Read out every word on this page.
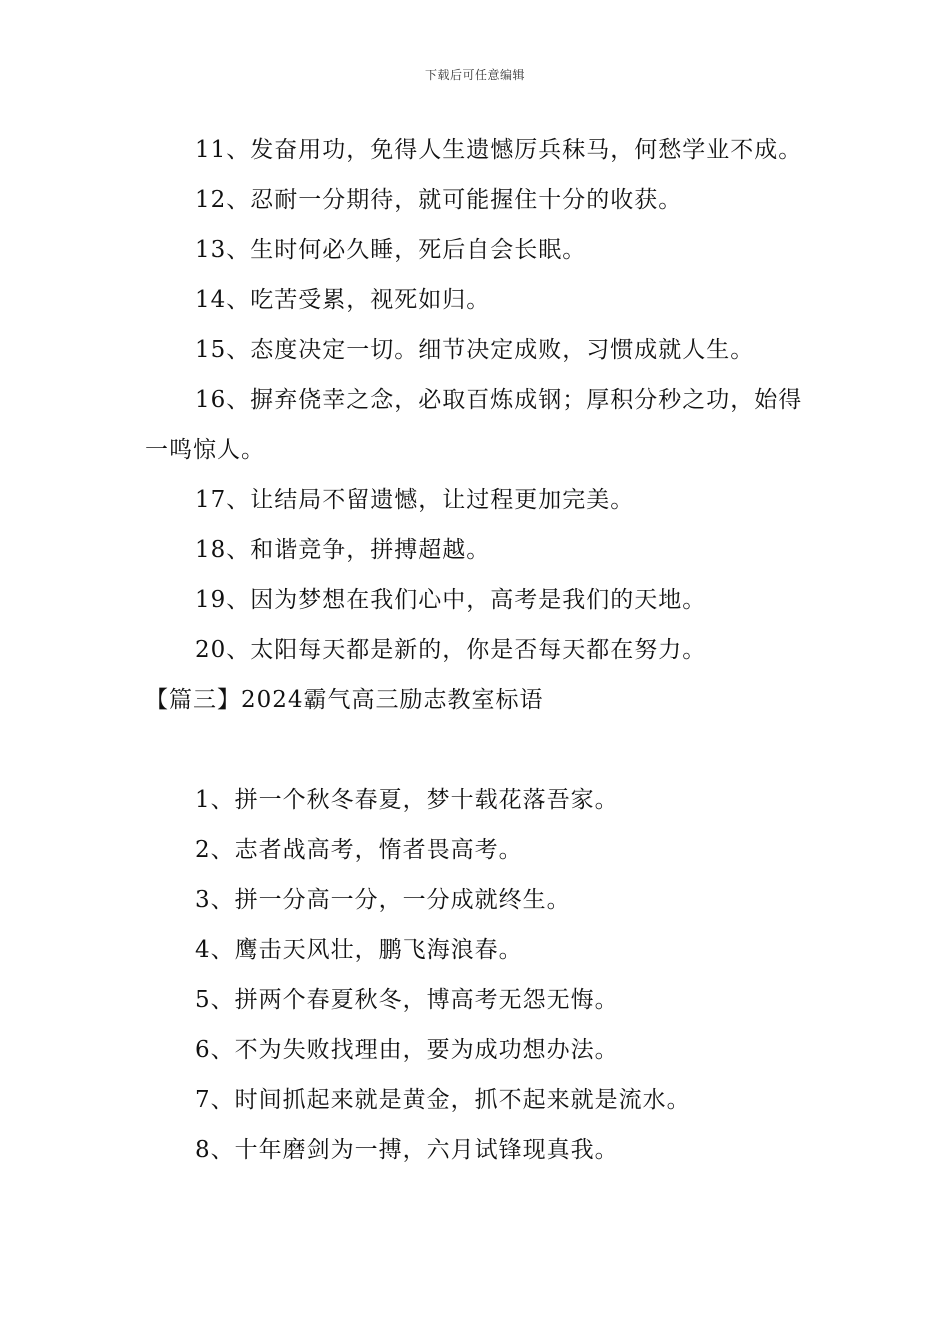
下载后可任意编辑

11、发奋用功，免得人生遗憾厉兵秣马，何愁学业不成。

12、忍耐一分期待，就可能握住十分的收获。

13、生时何必久睡，死后自会长眠。

14、吃苦受累，视死如归。

15、态度决定一切。细节决定成败，习惯成就人生。

16、摒弃侥幸之念，必取百炼成钢；厚积分秒之功，始得一鸣惊人。

17、让结局不留遗憾，让过程更加完美。

18、和谐竞争，拼搏超越。

19、因为梦想在我们心中，高考是我们的天地。

20、太阳每天都是新的，你是否每天都在努力。

【篇三】2024霸气高三励志教室标语

1、拼一个秋冬春夏，梦十载花落吾家。

2、志者战高考，惰者畏高考。

3、拼一分高一分，一分成就终生。

4、鹰击天风壮，鹏飞海浪春。

5、拼两个春夏秋冬，博高考无怨无悔。

6、不为失败找理由，要为成功想办法。

7、时间抓起来就是黄金，抓不起来就是流水。

8、十年磨剑为一搏，六月试锋现真我。
